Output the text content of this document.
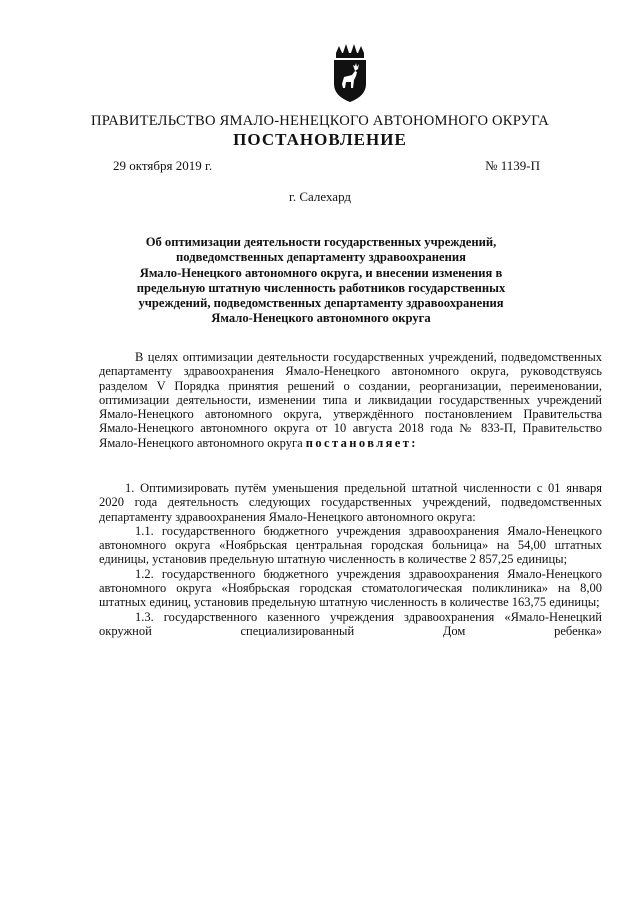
ПРАВИТЕЛЬСТВО ЯМАЛО-НЕНЕЦКОГО АВТОНОМНОГО ОКРУГА
ПОСТАНОВЛЕНИЕ
29 октября 2019 г.	№ 1139-П
г. Салехард
Об оптимизации деятельности государственных учреждений,
подведомственных департаменту здравоохранения
Ямало-Ненецкого автономного округа, и внесении изменения в
предельную штатную численность работников государственных
учреждений, подведомственных департаменту здравоохранения
Ямало-Ненецкого автономного округа

В целях оптимизации деятельности государственных учреждений, подведомственных департаменту здравоохранения Ямало-Ненецкого автономного округа, руководствуясь разделом V Порядка принятия решений о создании, реорганизации, переименовании, оптимизации деятельности, изменении типа и ликвидации государственных учреждений Ямало-Ненецкого автономного округа, утверждённого постановлением Правительства Ямало-Ненецкого автономного округа от 10 августа 2018 года № 833-П, Правительство Ямало-Ненецкого автономного округа постановляет:

1. Оптимизировать путём уменьшения предельной штатной численности с 01 января 2020 года деятельность следующих государственных учреждений, подведомственных департаменту здравоохранения Ямало-Ненецкого автономного округа:

1.1. государственного бюджетного учреждения здравоохранения Ямало-Ненецкого автономного округа «Ноябрьская центральная городская больница» на 54,00 штатных единицы, установив предельную штатную численность в количестве 2 857,25 единицы;

1.2. государственного бюджетного учреждения здравоохранения Ямало-Ненецкого автономного округа «Ноябрьская городская стоматологическая поликлиника» на 8,00 штатных единиц, установив предельную штатную численность в количестве 163,75 единицы;

1.3. государственного казенного учреждения здравоохранения «Ямало-Ненецкий окружной специализированный Дом ребенка»
